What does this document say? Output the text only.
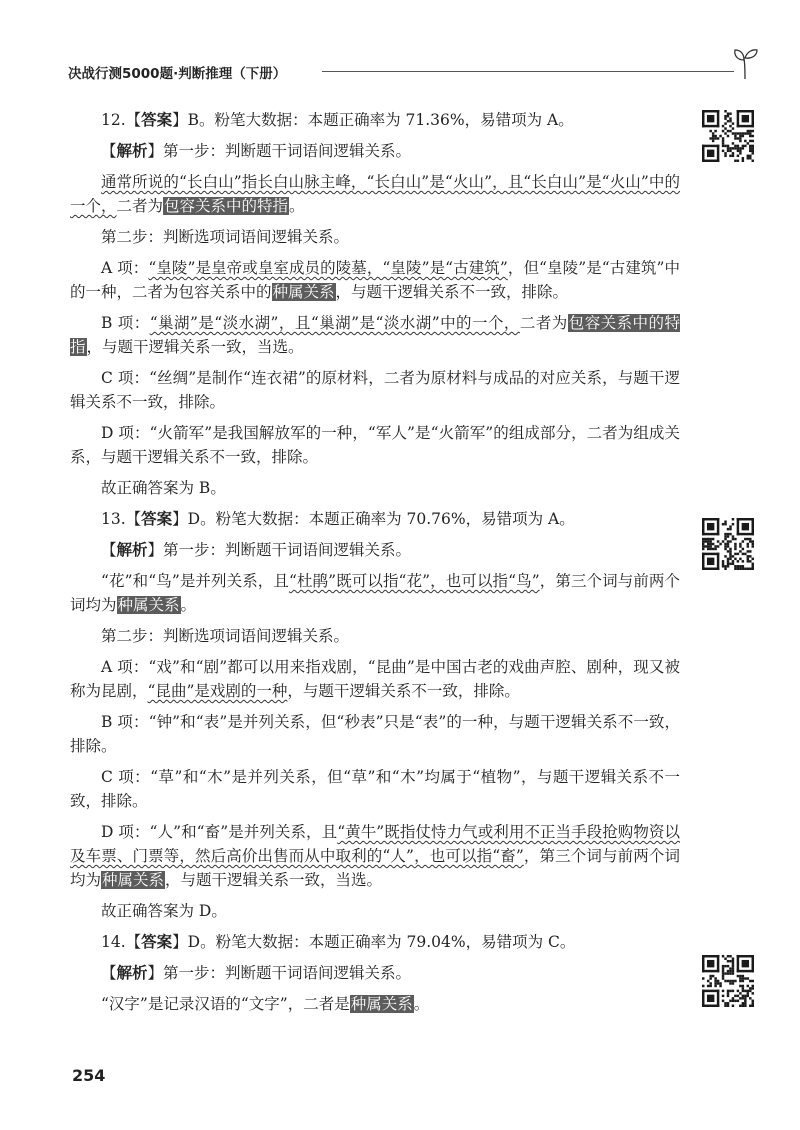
决战行测5000题·判断推理（下册）

12.【答案】B。粉笔大数据：本题正确率为 71.36%，易错项为 A。

【解析】第一步：判断题干词语间逻辑关系。

通常所说的“长白山”指长白山脉主峰，“长白山”是“火山”，且“长白山”是“火山”中的一个，二者为包容关系中的特指。

第二步：判断选项词语间逻辑关系。

A 项：“皇陵”是皇帝或皇室成员的陵墓，“皇陵”是“古建筑”，但“皇陵”是“古建筑”中的一种，二者为包容关系中的种属关系，与题干逻辑关系不一致，排除。

B 项：“巢湖”是“淡水湖”，且“巢湖”是“淡水湖”中的一个，二者为包容关系中的特指，与题干逻辑关系一致，当选。

C 项：“丝绸”是制作“连衣裙”的原材料，二者为原材料与成品的对应关系，与题干逻辑关系不一致，排除。

D 项：“火箭军”是我国解放军的一种，“军人”是“火箭军”的组成部分，二者为组成关系，与题干逻辑关系不一致，排除。

故正确答案为 B。

13.【答案】D。粉笔大数据：本题正确率为 70.76%，易错项为 A。

【解析】第一步：判断题干词语间逻辑关系。

“花”和“鸟”是并列关系，且“杜鹃”既可以指“花”，也可以指“鸟”，第三个词与前两个词均为种属关系。

第二步：判断选项词语间逻辑关系。

A 项：“戏”和“剧”都可以用来指戏剧，“昆曲”是中国古老的戏曲声腔、剧种，现又被称为昆剧，“昆曲”是戏剧的一种，与题干逻辑关系不一致，排除。

B 项：“钟”和“表”是并列关系，但“秒表”只是“表”的一种，与题干逻辑关系不一致，排除。

C 项：“草”和“木”是并列关系，但“草”和“木”均属于“植物”，与题干逻辑关系不一致，排除。

D 项：“人”和“畜”是并列关系，且“黄牛”既指仗恃力气或利用不正当手段抢购物资以及车票、门票等，然后高价出售而从中取利的“人”，也可以指“畜”，第三个词与前两个词均为种属关系，与题干逻辑关系一致，当选。

故正确答案为 D。

14.【答案】D。粉笔大数据：本题正确率为 79.04%，易错项为 C。

【解析】第一步：判断题干词语间逻辑关系。

“汉字”是记录汉语的“文字”，二者是种属关系。

254
